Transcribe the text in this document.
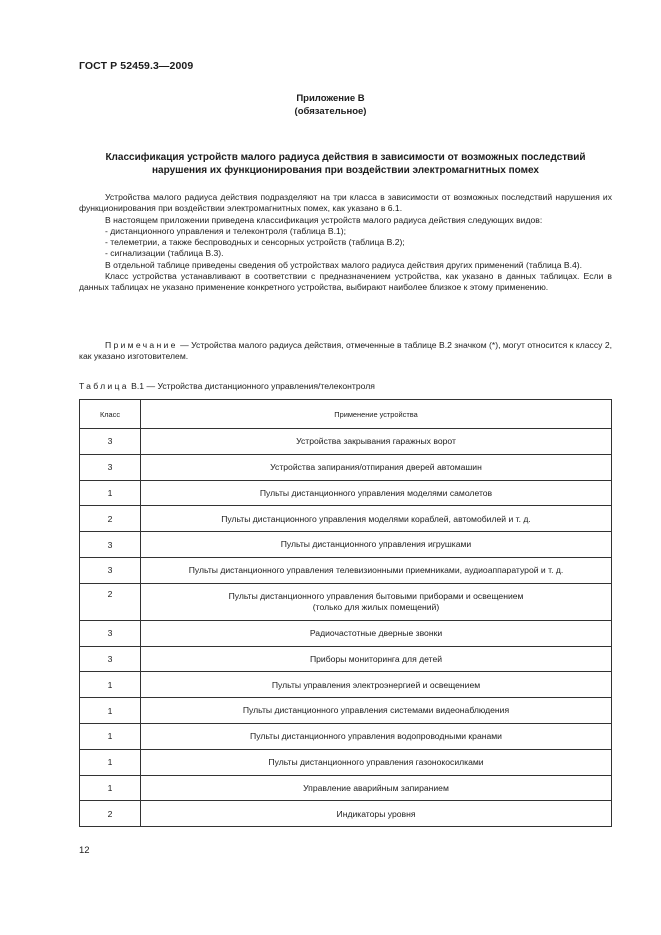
ГОСТ Р 52459.3—2009
Приложение В
(обязательное)
Классификация устройств малого радиуса действия в зависимости от возможных последствий
нарушения их функционирования при воздействии электромагнитных помех

Устройства малого радиуса действия подразделяют на три класса в зависимости от возможных последствий нарушения их функционирования при воздействии электромагнитных помех, как указано в 6.1.

В настоящем приложении приведена классификация устройств малого радиуса действия следующих видов:

- дистанционного управления и телеконтроля (таблица В.1);

- телеметрии, а также беспроводных и сенсорных устройств (таблица В.2);

- сигнализации (таблица В.3).

В отдельной таблице приведены сведения об устройствах малого радиуса действия других применений (таблица В.4).

Класс устройства устанавливают в соответствии с предназначением устройства, как указано в данных таблицах. Если в данных таблицах не указано применение конкретного устройства, выбирают наиболее близкое к этому применению.

Примечание — Устройства малого радиуса действия, отмеченные в таблице В.2 значком (*), могут относится к классу 2, как указано изготовителем.
Таблица В.1 — Устройства дистанционного управления/телеконтроля
Класс	Применение устройства
3	Устройства закрывания гаражных ворот
3	Устройства запирания/отпирания дверей автомашин
1	Пульты дистанционного управления моделями самолетов
2	Пульты дистанционного управления моделями кораблей, автомобилей и т. д.
3	Пульты дистанционного управления игрушками
3	Пульты дистанционного управления телевизионными приемниками, аудиоаппаратурой и т. д.
2	Пульты дистанционного управления бытовыми приборами и освещением
(только для жилых помещений)

3	Радиочастотные дверные звонки
3	Приборы мониторинга для детей
1	Пульты управления электроэнергией и освещением
1	Пульты дистанционного управления системами видеонаблюдения
1	Пульты дистанционного управления водопроводными кранами
1	Пульты дистанционного управления газонокосилками
1	Управление аварийным запиранием
2	Индикаторы уровня
12
